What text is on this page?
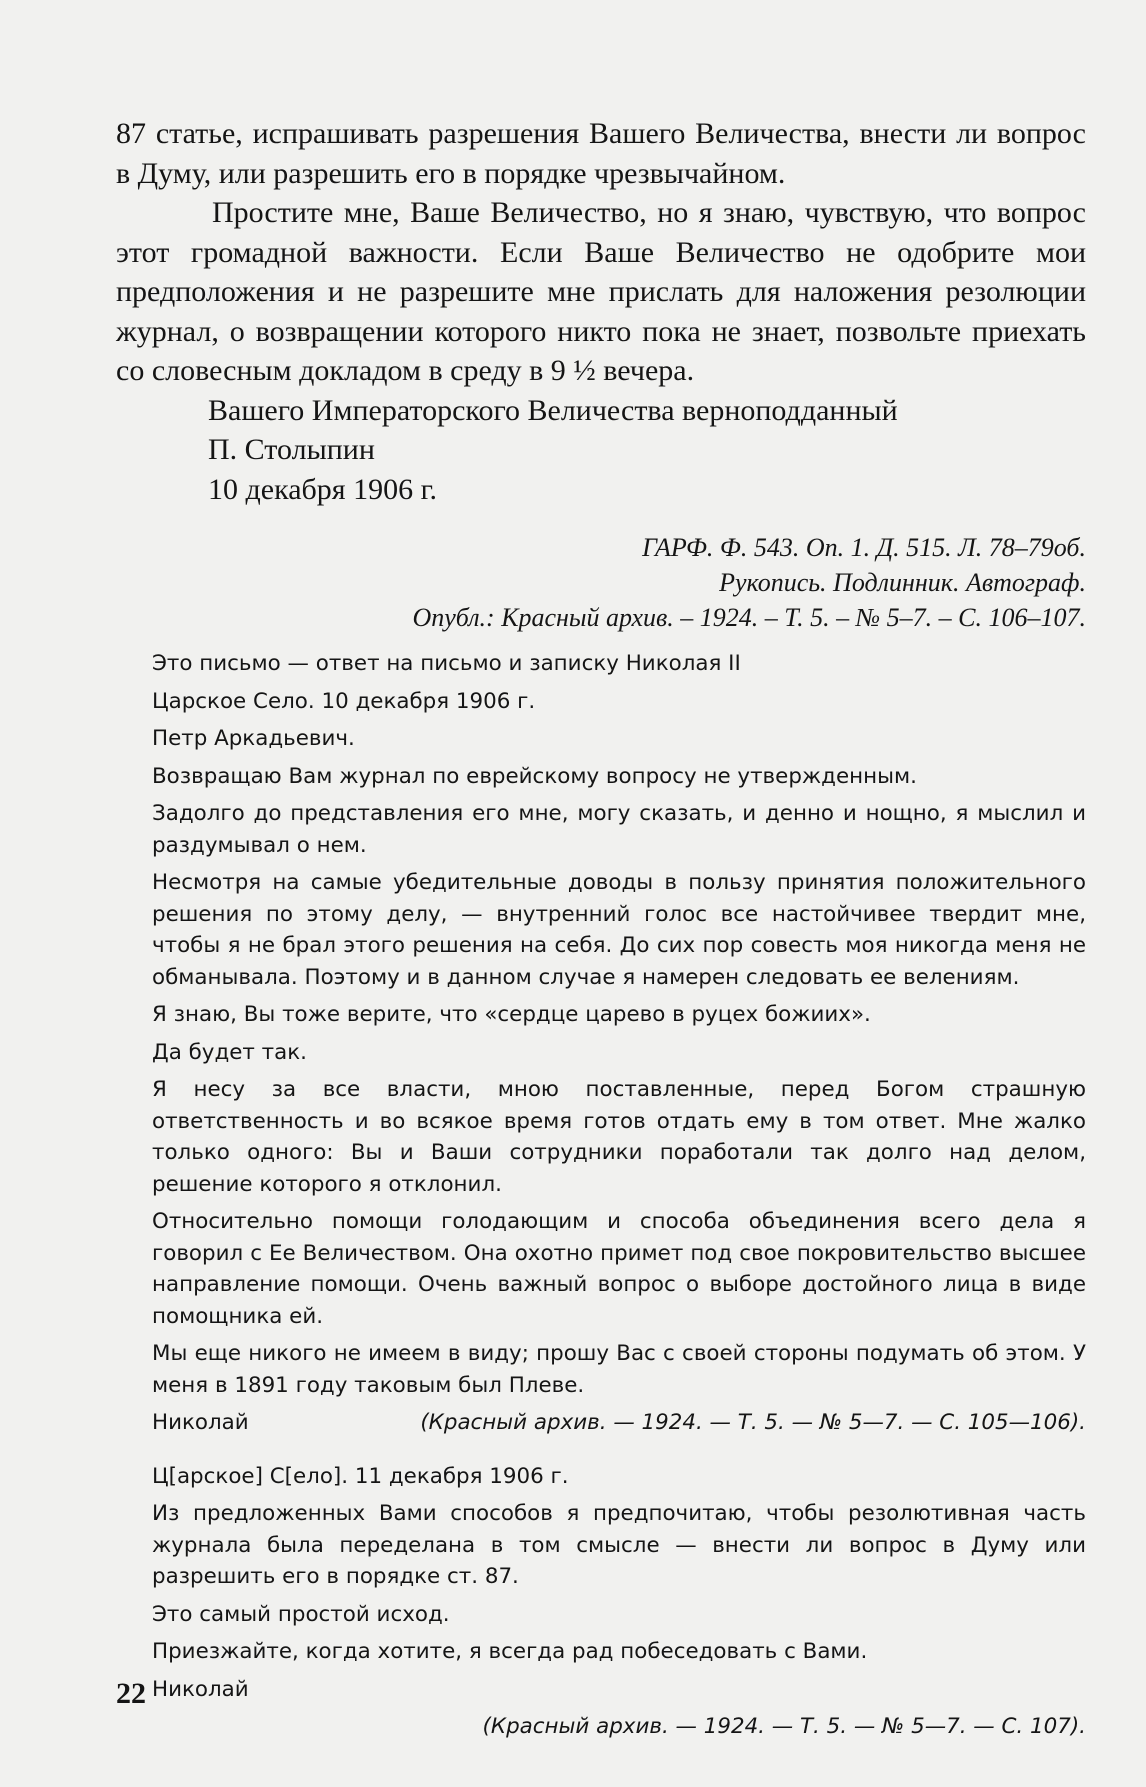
87 статье, испрашивать разрешения Вашего Величества, внести ли вопрос в Думу, или разрешить его в порядке чрезвычайном.

Простите мне, Ваше Величество, но я знаю, чувствую, что вопрос этот громадной важности. Если Ваше Величество не одобрите мои предположения и не разрешите мне прислать для наложения резолюции журнал, о возвращении которого никто пока не знает, позвольте приехать со словесным докладом в среду в 9 ½ вечера.

Вашего Императорского Величества верноподданный

П. Столыпин

10 декабря 1906 г.

ГАРФ. Ф. 543. Оп. 1. Д. 515. Л. 78–79об.
Рукопись. Подлинник. Автограф.
Опубл.: Красный архив. – 1924. – Т. 5. – № 5–7. – С. 106–107.

Это письмо — ответ на письмо и записку Николая II

Царское Село. 10 декабря 1906 г.

Петр Аркадьевич.

Возвращаю Вам журнал по еврейскому вопросу не утвержденным.

Задолго до представления его мне, могу сказать, и денно и нощно, я мыслил и раздумывал о нем.

Несмотря на самые убедительные доводы в пользу принятия положительного решения по этому делу, — внутренний голос все настойчивее твердит мне, чтобы я не брал этого решения на себя. До сих пор совесть моя никогда меня не обманывала. Поэтому и в данном случае я намерен следовать ее велениям.

Я знаю, Вы тоже верите, что «сердце царево в руцех божиих».

Да будет так.

Я несу за все власти, мною поставленные, перед Богом страшную ответственность и во всякое время готов отдать ему в том ответ. Мне жалко только одного: Вы и Ваши сотрудники поработали так долго над делом, решение которого я отклонил.

Относительно помощи голодающим и способа объединения всего дела я говорил с Ее Величеством. Она охотно примет под свое покровительство высшее направление помощи. Очень важный вопрос о выборе достойного лица в виде помощника ей.

Мы еще никого не имеем в виду; прошу Вас с своей стороны подумать об этом. У меня в 1891 году таковым был Плеве.

Николай	(Красный архив. — 1924. — Т. 5. — № 5—7. — С. 105—106).

Ц[арское] С[ело]. 11 декабря 1906 г.

Из предложенных Вами способов я предпочитаю, чтобы резолютивная часть журнала была переделана в том смысле — внести ли вопрос в Думу или разрешить его в порядке ст. 87.

Это самый простой исход.

Приезжайте, когда хотите, я всегда рад побеседовать с Вами.

Николай

(Красный архив. — 1924. — Т. 5. — № 5—7. — С. 107).

22
